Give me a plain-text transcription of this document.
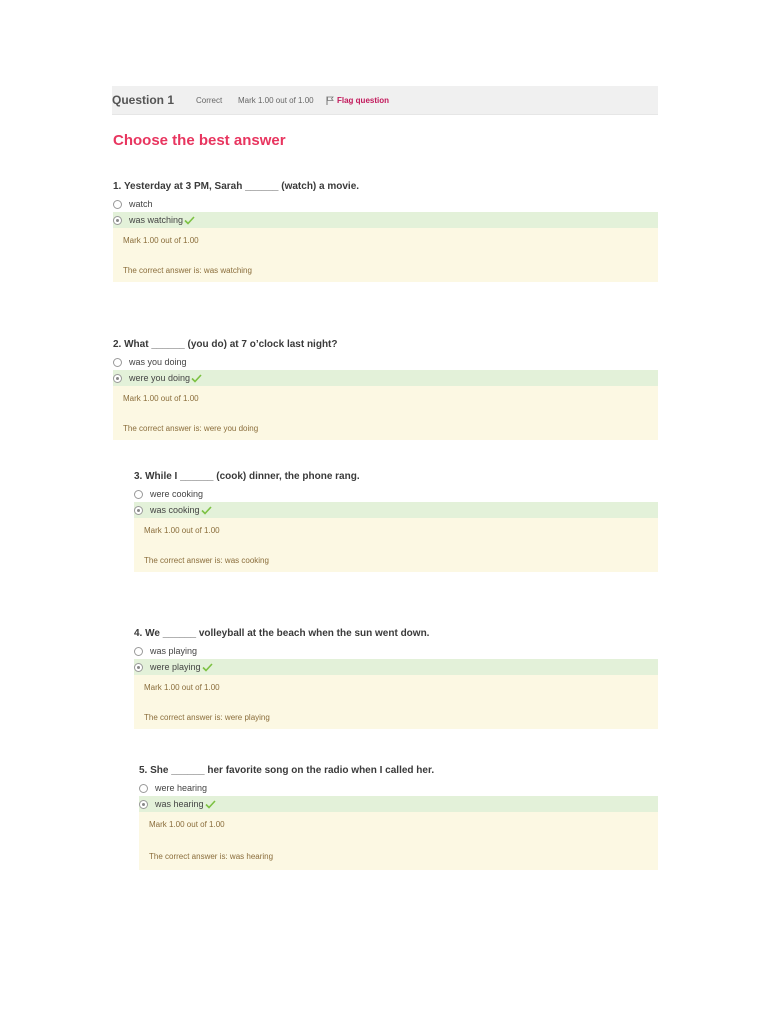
Question 1	Correct	Mark 1.00 out of 1.00	Flag question
Choose the best answer

1. Yesterday at 3 PM, Sarah ______ (watch) a movie.

watch
was watching
Mark 1.00 out of 1.00
The correct answer is: was watching

2. What ______ (you do) at 7 o’clock last night?

was you doing
were you doing
Mark 1.00 out of 1.00
The correct answer is: were you doing

3. While I ______ (cook) dinner, the phone rang.

were cooking
was cooking
Mark 1.00 out of 1.00
The correct answer is: was cooking

4. We ______ volleyball at the beach when the sun went down.

was playing
were playing
Mark 1.00 out of 1.00
The correct answer is: were playing

5. She ______ her favorite song on the radio when I called her.

were hearing
was hearing
Mark 1.00 out of 1.00
The correct answer is: was hearing
